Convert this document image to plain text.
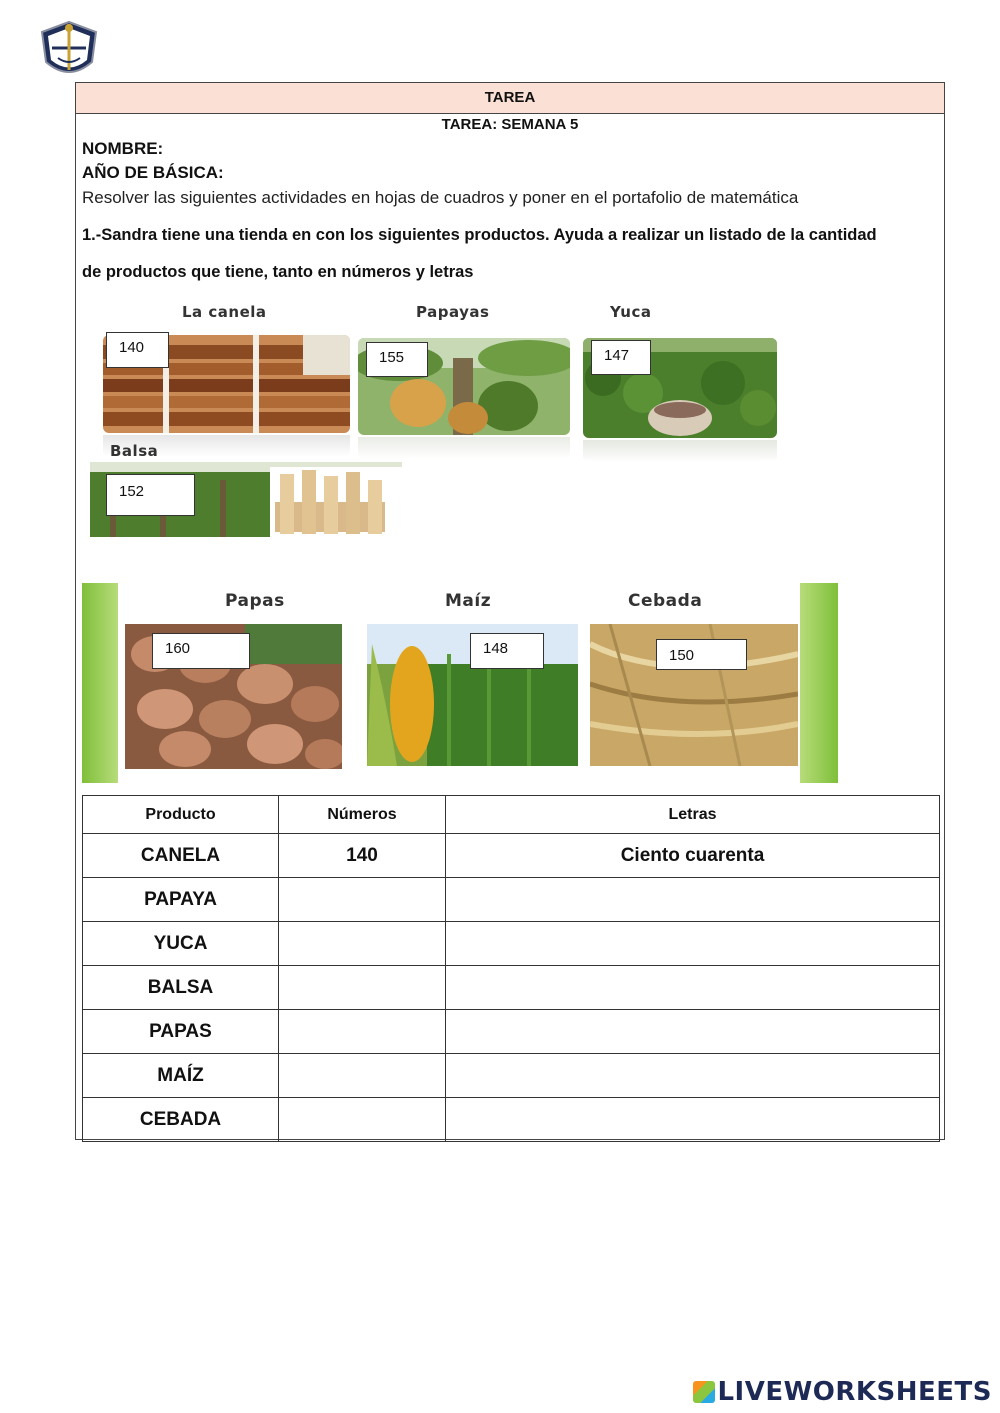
TAREA
TAREA: SEMANA 5
NOMBRE:
AÑO DE BÁSICA:
Resolver las siguientes actividades en hojas de cuadros y poner en el portafolio de matemática
1.-Sandra tiene una tienda en con los siguientes productos. Ayuda a realizar un listado de la cantidad
de productos que tiene, tanto en números y letras
La canela	Papayas	Yuca
140
155	147
Balsa
152
Papas	Maíz	Cebada
160	148	150
Producto	Números	Letras
CANELA	140	Ciento cuarenta
PAPAYA		
YUCA		
BALSA		
PAPAS		
MAÍZ		
CEBADA		
LIVEWORKSHEETS
